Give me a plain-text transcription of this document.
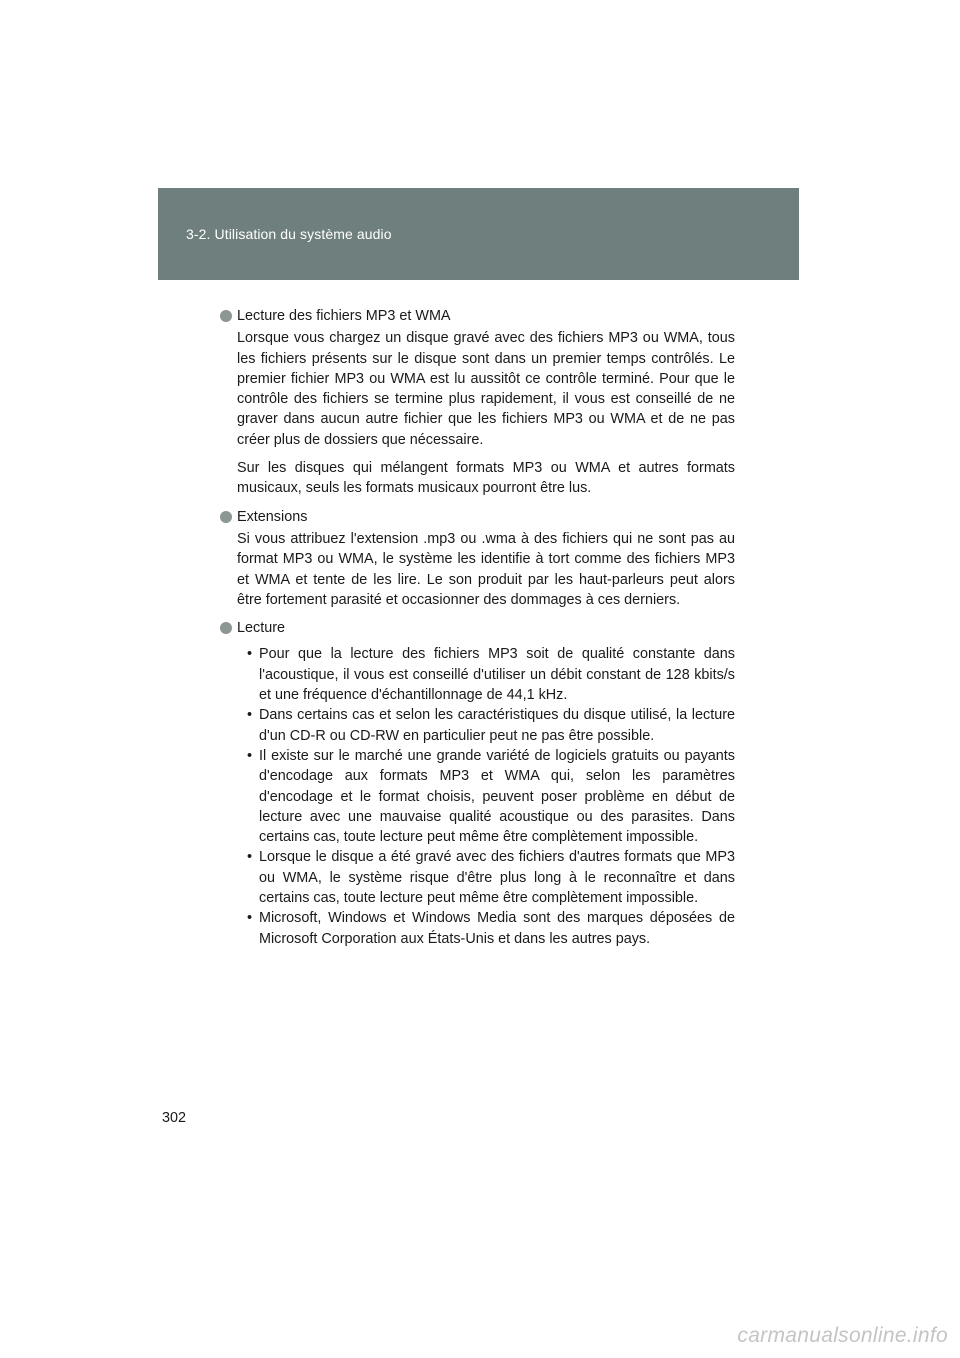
3-2. Utilisation du système audio
Lecture des fichiers MP3 et WMA

Lorsque vous chargez un disque gravé avec des fichiers MP3 ou WMA, tous les fichiers présents sur le disque sont dans un premier temps contrôlés. Le premier fichier MP3 ou WMA est lu aussitôt ce contrôle terminé. Pour que le contrôle des fichiers se termine plus rapidement, il vous est conseillé de ne graver dans aucun autre fichier que les fichiers MP3 ou WMA et de ne pas créer plus de dossiers que nécessaire.

Sur les disques qui mélangent formats MP3 ou WMA et autres formats musicaux, seuls les formats musicaux pourront être lus.

Extensions

Si vous attribuez l'extension .mp3 ou .wma à des fichiers qui ne sont pas au format MP3 ou WMA, le système les identifie à tort comme des fichiers MP3 et WMA et tente de les lire. Le son produit par les haut-parleurs peut alors être fortement parasité et occasionner des dommages à ces derniers.

Lecture
• Pour que la lecture des fichiers MP3 soit de qualité constante dans l'acoustique, il vous est conseillé d'utiliser un débit constant de 128 kbits/s et une fréquence d'échantillonnage de 44,1 kHz.
• Dans certains cas et selon les caractéristiques du disque utilisé, la lecture d'un CD-R ou CD-RW en particulier peut ne pas être possible.
• Il existe sur le marché une grande variété de logiciels gratuits ou payants d'encodage aux formats MP3 et WMA qui, selon les paramètres d'encodage et le format choisis, peuvent poser problème en début de lecture avec une mauvaise qualité acoustique ou des parasites. Dans certains cas, toute lecture peut même être complètement impossible.
• Lorsque le disque a été gravé avec des fichiers d'autres formats que MP3 ou WMA, le système risque d'être plus long à le reconnaître et dans certains cas, toute lecture peut même être complètement impossible.
• Microsoft, Windows et Windows Media sont des marques déposées de Microsoft Corporation aux États-Unis et dans les autres pays.
302
carmanualsonline.info
